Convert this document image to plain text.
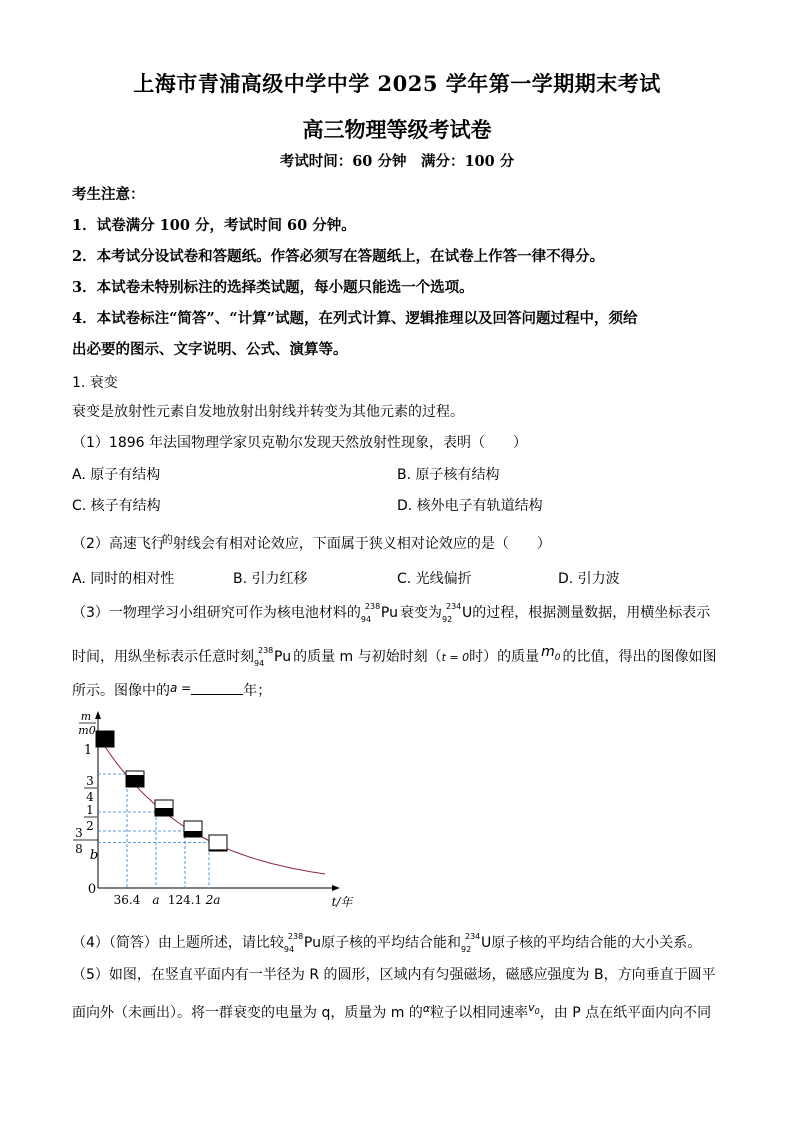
上海市青浦高级中学中学 2025 学年第一学期期末考试
高三物理等级考试卷
考试时间：60 分钟　满分：100 分
考生注意：
1．试卷满分 100 分，考试时间 60 分钟。
2．本考试分设试卷和答题纸。作答必须写在答题纸上，在试卷上作答一律不得分。
3．本试卷未特别标注的选择类试题，每小题只能选一个选项。
4．本试卷标注“简答”、“计算”试题，在列式计算、逻辑推理以及回答问题过程中，须给
出必要的图示、文字说明、公式、演算等。
1. 衰变
衰变是放射性元素自发地放射出射线并转变为其他元素的过程。
（1）1896 年法国物理学家贝克勒尔发现天然放射性现象，表明（　　）
A. 原子有结构	B. 原子核有结构
C. 核子有结构	D. 核外电子有轨道结构
（2）高速飞行$^的$射线会有相对论效应，下面属于狭义相对论效应的是（　　）
A. 同时的相对性	B. 引力红移	C. 光线偏折	D. 引力波
（3）一物理学习小组研究可作为核电池材料的 238
94 Pu 衰变为 234
92 U的过程，根据测量数据，用横坐标表示
时间，用纵坐标表示任意时刻 238
94 Pu 的质量 m 与初始时刻（t = 0时）的质量 $m_0$ 的比值，得出的图像如图
所示。图像中的a =	年；
1
3
4
1
2
3
8 b
m
m0
0
36.4 a 124.1 2a	t/年
（4）（简答）由上题所述，请比较 238
94 Pu原子核的平均结合能和 234
92 U原子核的平均结合能的大小关系。
（5）如图，在竖直平面内有一半径为 R 的圆形，区域内有匀强磁场，磁感应强度为 B，方向垂直于圆平
面向外（未画出）。将一群衰变的电量为 q，质量为 m 的$^\alpha$粒子以相同速率$^{v_0}$，由 P 点在纸平面内向不同
